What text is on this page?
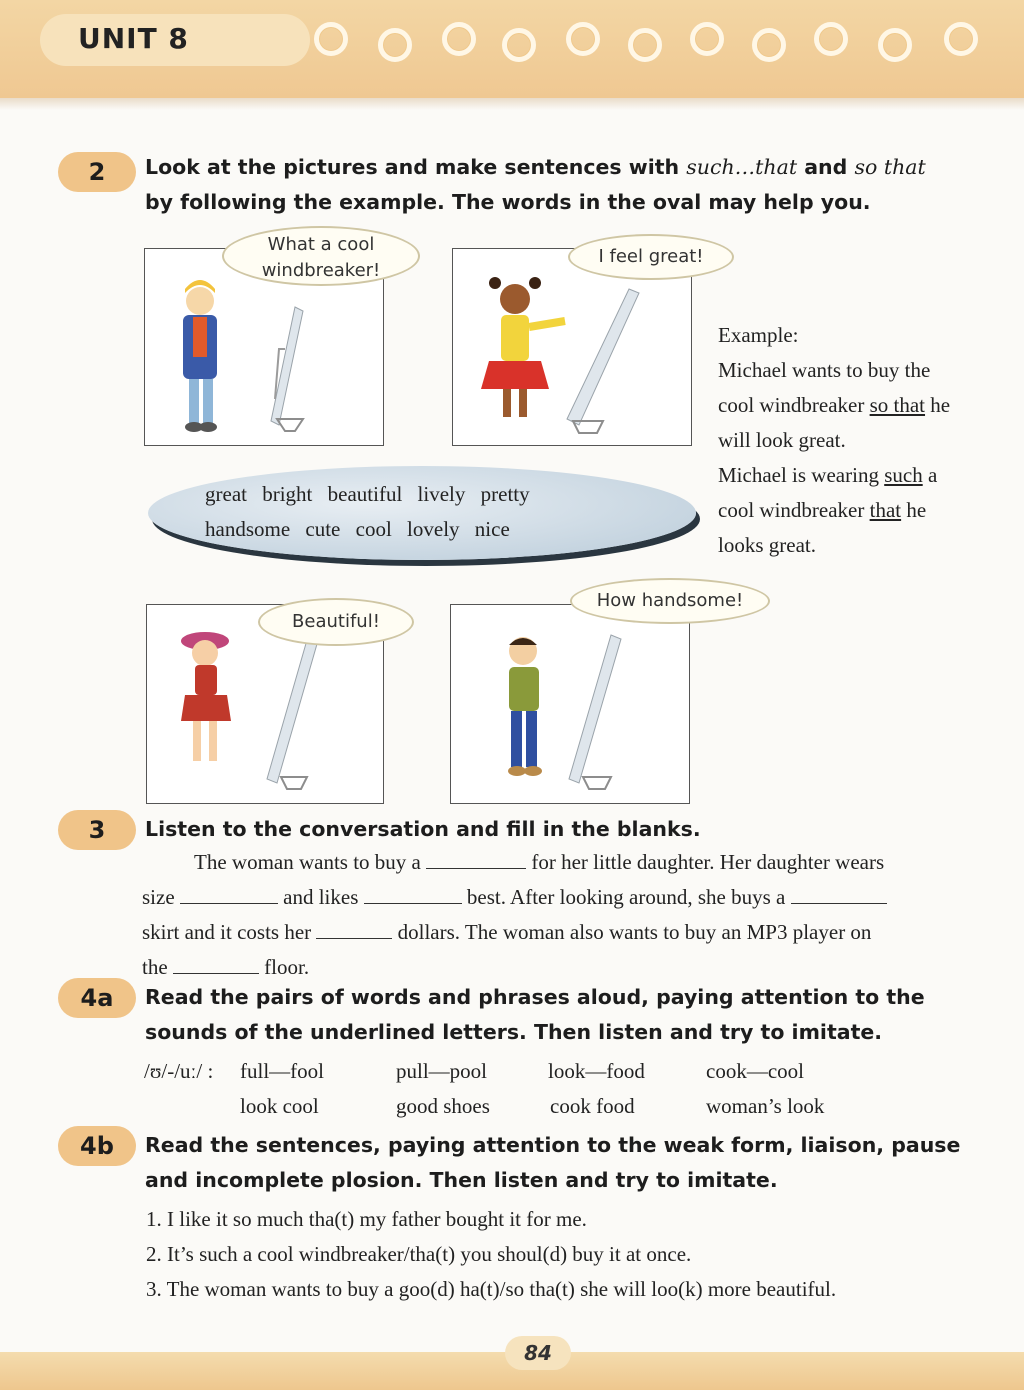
UNIT 8
2	Look at the pictures and make sentences with such…that and so that
by following the example. The words in the oval may help you.
What a cool windbreaker!
I feel great!
Example:
Michael wants to buy the
cool windbreaker so that he
will look great.
Michael is wearing such a
cool windbreaker that he
looks great.
great bright beautiful lively pretty
handsome cute cool lovely nice
Beautiful!
How handsome!
3	Listen to the conversation and fill in the blanks.
The woman wants to buy a	for her little daughter. Her daughter wears
size	and likes	best. After looking around, she buys a
skirt and it costs her	dollars. The woman also wants to buy an MP3 player on
the	floor.
4a	Read the pairs of words and phrases aloud, paying attention to the
sounds of the underlined letters. Then listen and try to imitate.
/ʊ/-/uː/ : full—fool	pull—pool	look—food	cook—cool
look cool	good shoes	cook food	woman’s look
4b	Read the sentences, paying attention to the weak form, liaison, pause
and incomplete plosion. Then listen and try to imitate.
1. I like it so much tha(t) my father bought it for me.
2. It’s such a cool windbreaker/tha(t) you shoul(d) buy it at once.
3. The woman wants to buy a goo(d) ha(t)/so tha(t) she will loo(k) more beautiful.
84
